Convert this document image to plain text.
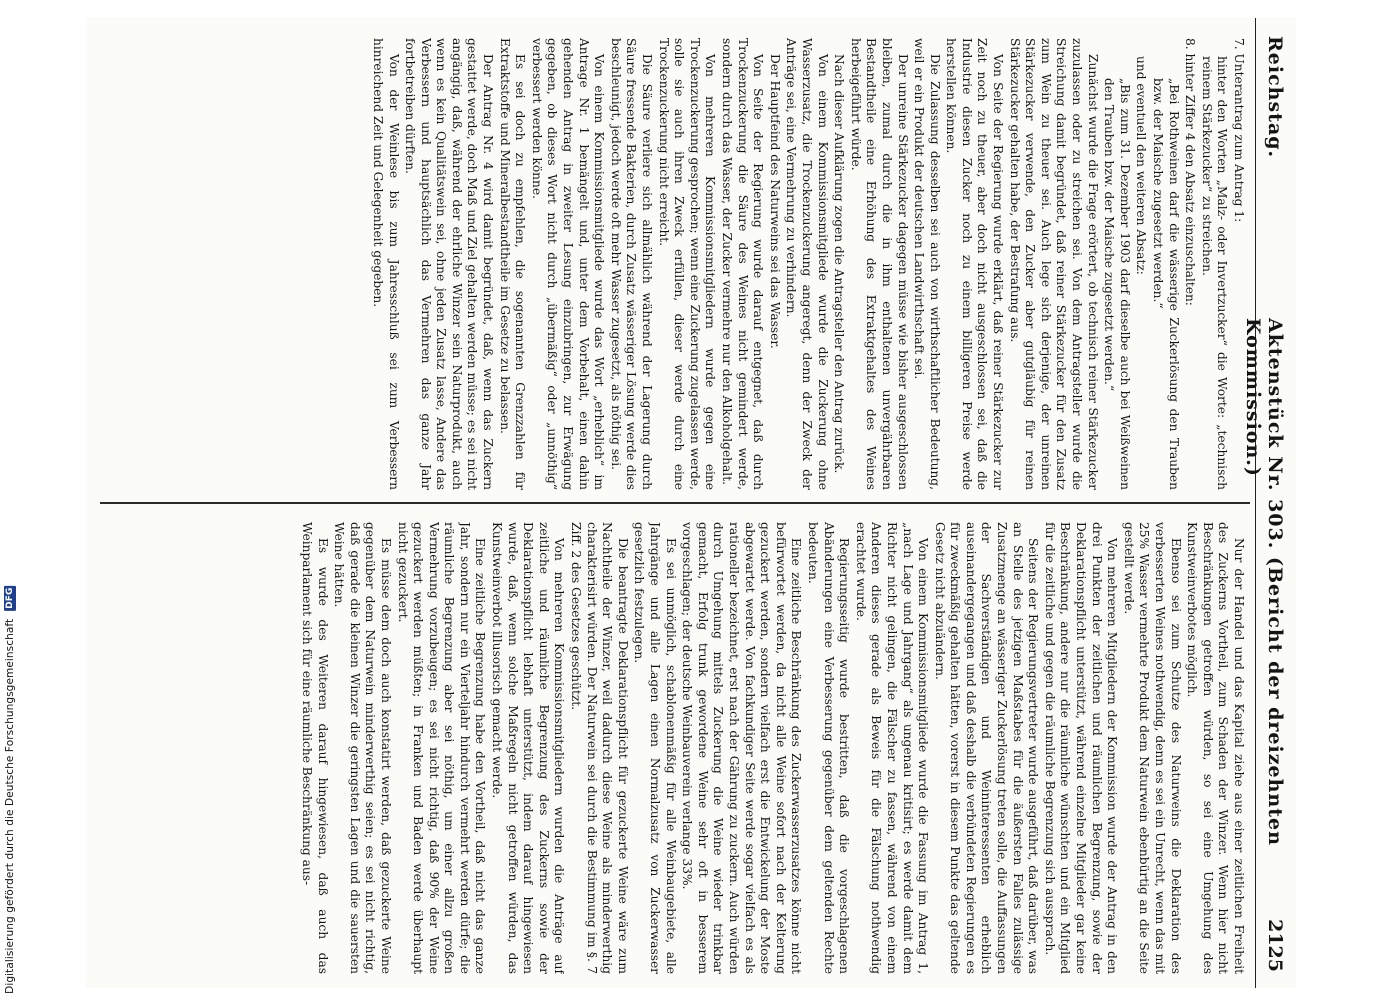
Reichstag.
Aktenstück Nr. 303. (Bericht der dreizehnten Kommission.)
2125

7. Unterantrag zum Antrag 1:

hinter den Worten „Malz- oder Invertzucker“ die Worte: „technisch reinem Stärkezucker“ zu streichen.

8. hinter Ziffer 4 den Absatz einzuschalten:

„Bei Rothweinen darf die wässerige Zuckerlösung den Trauben bzw. der Maische zugesetzt werden.“

und eventuell den weiteren Absatz:

„Bis zum 31. Dezember 1903 darf dieselbe auch bei Weißweinen den Trauben bzw. der Maische zugesetzt werden.“

Zunächst wurde die Frage erörtert, ob technisch reiner Stärkezucker zuzulassen oder zu streichen sei. Von dem Antragsteller wurde die Streichung damit begründet, daß reiner Stärkezucker für den Zusatz zum Wein zu theuer sei. Auch lege sich derjenige, der unreinen Stärkezucker verwende, den Zucker aber gutgläubig für reinen Stärkezucker gehalten habe, der Bestrafung aus.

Von Seite der Regierung wurde erklärt, daß reiner Stärkezucker zur Zeit noch zu theuer, aber doch nicht ausgeschlossen sei, daß die Industrie diesen Zucker noch zu einem billigeren Preise werde herstellen können.

Die Zulassung desselben sei auch von wirthschaftlicher Bedeutung, weil er ein Produkt der deutschen Landwirthschaft sei.

Der unreine Stärkezucker dagegen müsse wie bisher ausgeschlossen bleiben, zumal durch die in ihm enthaltenen unvergährbaren Bestandtheile eine Erhöhung des Extraktgehaltes des Weines herbeigeführt würde.

Nach dieser Aufklärung zogen die Antragsteller den Antrag zurück.

Von einem Kommissionsmitgliede wurde die Zuckerung ohne Wasserzusatz, die Trockenzuckerung angeregt, denn der Zweck der Anträge sei, eine Vermehrung zu verhindern.

Der Hauptfeind des Naturweins sei das Wasser.

Von Seite der Regierung wurde darauf entgegnet, daß durch Trockenzuckerung die Säure des Weines nicht gemindert werde, sondern durch das Wasser, der Zucker vermehre nur den Alkoholgehalt.

Von mehreren Kommissionsmitgliedern wurde gegen eine Trockenzuckerung gesprochen; wenn eine Zuckerung zugelassen werde, solle sie auch ihren Zweck erfüllen, dieser werde durch eine Trockenzuckerung nicht erreicht.

Die Säure verliere sich allmählich während der Lagerung durch Säure fressende Bakterien, durch Zusatz wässeriger Lösung werde dies beschleunigt, jedoch werde oft mehr Wasser zugesetzt, als nöthig sei.

Von einem Kommissionsmitgliede wurde das Wort „erheblich“ im Antrage Nr. 1 bemängelt und, unter dem Vorbehalt, einen dahin gehenden Antrag in zweiter Lesung einzubringen, zur Erwägung gegeben, ob dieses Wort nicht durch „übermäßig“ oder „unnöthig“ verbessert werden könne.

Es sei doch zu empfehlen, die sogenannten Grenzzahlen für Extraktstoffe und Mineralbestandtheile im Gesetze zu belassen.

Der Antrag Nr. 4 wird damit begründet, daß, wenn das Zuckern gestattet werde, doch Maß und Ziel gehalten werden müsse; es sei nicht angängig, daß, während der ehrliche Winzer sein Naturprodukt, auch wenn es kein Qualitätswein sei, ohne jeden Zusatz lasse, Andere das Verbessern und hauptsächlich das Vermehren das ganze Jahr fortbetreiben dürften.

Von der Weinlese bis zum Jahresschluß sei zum Verbessern hinreichend Zeit und Gelegenheit gegeben.

Nur der Handel und das Kapital ziehe aus einer zeitlichen Freiheit des Zuckerns Vortheil, zum Schaden der Winzer. Wenn hier nicht Beschränkungen getroffen würden, so sei eine Umgehung des Kunstweinverbotes möglich.

Ebenso sei zum Schutze des Naturweins die Deklaration des verbesserten Weines nothwendig, denn es sei ein Unrecht, wenn das mit 25% Wasser vermehrte Produkt dem Naturwein ebenbürtig an die Seite gestellt werde.

Von mehreren Mitgliedern der Kommission wurde der Antrag in den drei Punkten der zeitlichen und räumlichen Begrenzung, sowie der Deklarationspflicht unterstützt, während einzelne Mitglieder gar keine Beschränkung, andere nur die räumliche wünschten und ein Mitglied für die zeitliche und gegen die räumliche Begrenzung sich aussprach.

Seitens der Regierungsvertreter wurde ausgeführt, daß darüber, was an Stelle des jetzigen Maßstabes für die äußersten Falles zulässige Zusatzmenge an wässeriger Zuckerlösung treten solle, die Auffassungen der Sachverständigen und Weininteressenten erheblich auseinandergegangen und daß deshalb die verbündeten Regierungen es für zweckmäßig gehalten hätten, vorerst in diesem Punkte das geltende Gesetz nicht abzuändern.

Von einem Kommissionsmitgliede wurde die Fassung im Antrag 1, „nach Lage und Jahrgang“ als ungenau kritisirt; es werde damit dem Richter nicht gelingen, die Fälscher zu fassen, während von einem Anderen dieses gerade als Beweis für die Fälschung nothwendig erachtet wurde.

Regierungsseitig wurde bestritten, daß die vorgeschlagenen Abänderungen eine Verbesserung gegenüber dem geltenden Rechte bedeuten.

Eine zeitliche Beschränkung des Zuckerwasserzusatzes könne nicht befürwortet werden, da nicht alle Weine sofort nach der Kelterung gezuckert werden, sondern vielfach erst die Entwickelung der Moste abgewartet werde. Von fachkundiger Seite werde sogar vielfach es als rationeller bezeichnet, erst nach der Gährung zu zuckern. Auch würden durch Umgehung mittels Zuckerung die Weine wieder trinkbar gemacht, Erfolg trunk gewordene Weine sehr oft in besserem vorgeschlagen; der deutsche Weinbauverein verlange 33%.

Es sei unmöglich, schablonenmäßig für alle Weinbaugebiete, alle Jahrgänge und alle Lagen einen Normalzusatz von Zuckerwasser gesetzlich festzulegen.

Die beantragte Deklarationspflicht für gezuckerte Weine wäre zum Nachtheile der Winzer, weil dadurch diese Weine als minderwerthig charakterisirt würden. Der Naturwein sei durch die Bestimmung im §. 7 Ziff. 2 des Gesetzes geschützt.

Von mehreren Kommissionsmitgliedern wurden die Anträge auf zeitliche und räumliche Begrenzung des Zuckerns sowie der Deklarationspflicht lebhaft unterstützt, indem darauf hingewiesen wurde, daß, wenn solche Maßregeln nicht getroffen würden, das Kunstweinverbot illusorisch gemacht werde.

Eine zeitliche Begrenzung habe den Vortheil, daß nicht das ganze Jahr, sondern nur ein Vierteljahr hindurch vermehrt werden dürfe; die räumliche Begrenzung aber sei nöthig, um einer allzu großen Vermehrung vorzubeugen; es sei nicht richtig, daß 90% der Weine gezuckert werden müßten; in Franken und Baden werde überhaupt nicht gezuckert.

Es müsse dem doch auch konstatirt werden, daß gezuckerte Weine gegenüber dem Naturwein minderwerthig seien; es sei nicht richtig, daß gerade die kleinen Winzer die geringsten Lagen und die sauersten Weine hätten.

Es wurde des Weiteren darauf hingewiesen, daß auch das Weinparlament sich für eine räumliche Beschränkung aus-

Digitalisierung gefördert durch die Deutsche Forschungsgemeinschaft DFG
